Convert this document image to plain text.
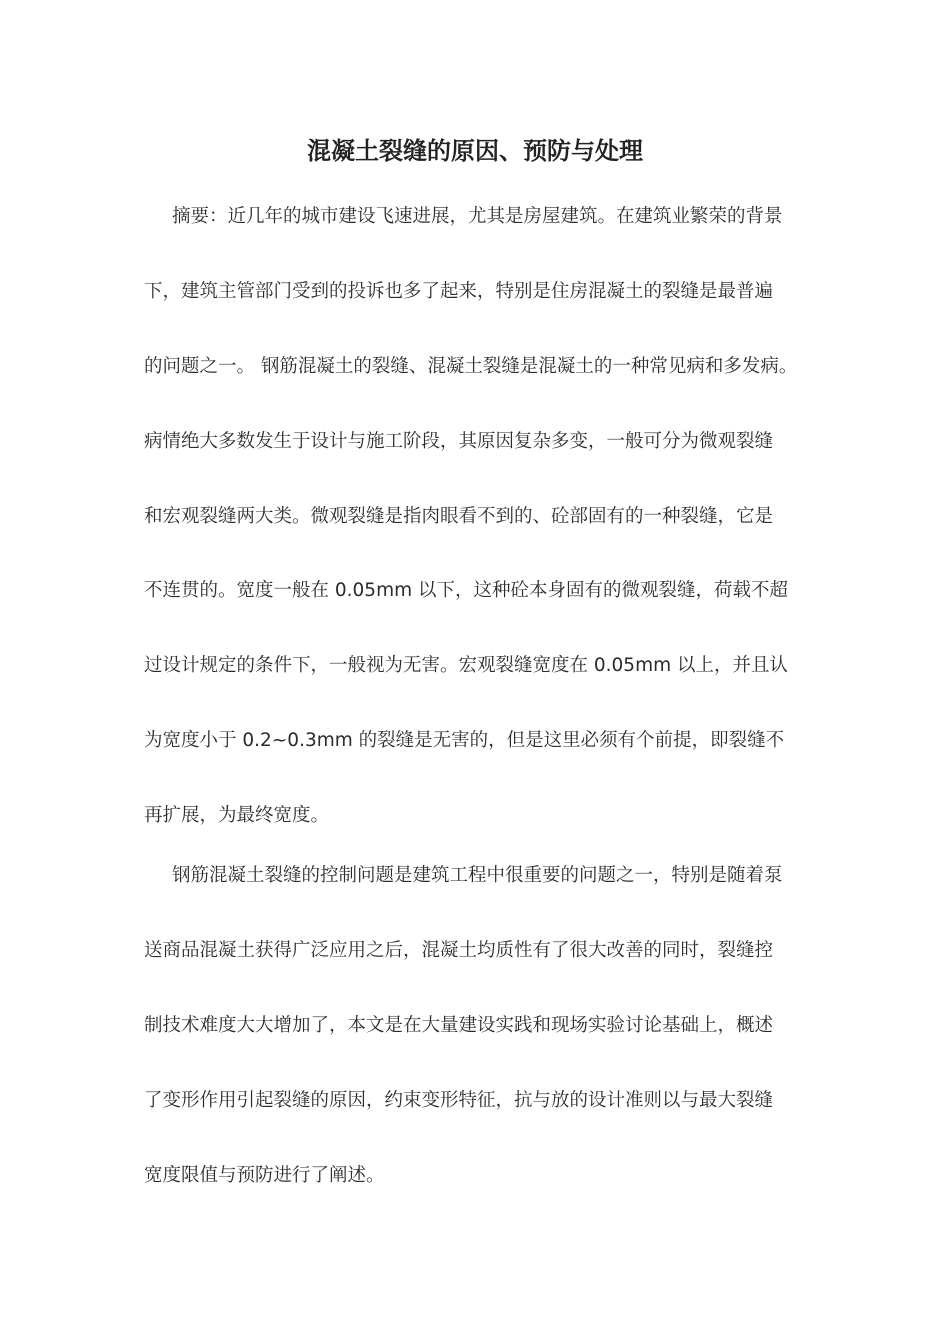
混凝土裂缝的原因、预防与处理
摘要：近几年的城市建设飞速进展，尤其是房屋建筑。在建筑业繁荣的背景
下，建筑主管部门受到的投诉也多了起来，特别是住房混凝土的裂缝是最普遍
的问题之一。 钢筋混凝土的裂缝、混凝土裂缝是混凝土的一种常见病和多发病。
病情绝大多数发生于设计与施工阶段，其原因复杂多变，一般可分为微观裂缝
和宏观裂缝两大类。微观裂缝是指肉眼看不到的、砼部固有的一种裂缝，它是
不连贯的。宽度一般在 0.05mm 以下，这种砼本身固有的微观裂缝，荷载不超
过设计规定的条件下，一般视为无害。宏观裂缝宽度在 0.05mm 以上，并且认
为宽度小于 0.2~0.3mm 的裂缝是无害的，但是这里必须有个前提，即裂缝不
再扩展，为最终宽度。
钢筋混凝土裂缝的控制问题是建筑工程中很重要的问题之一，特别是随着泵
送商品混凝土获得广泛应用之后，混凝土均质性有了很大改善的同时，裂缝控
制技术难度大大增加了，本文是在大量建设实践和现场实验讨论基础上，概述
了变形作用引起裂缝的原因，约束变形特征，抗与放的设计准则以与最大裂缝
宽度限值与预防进行了阐述。
